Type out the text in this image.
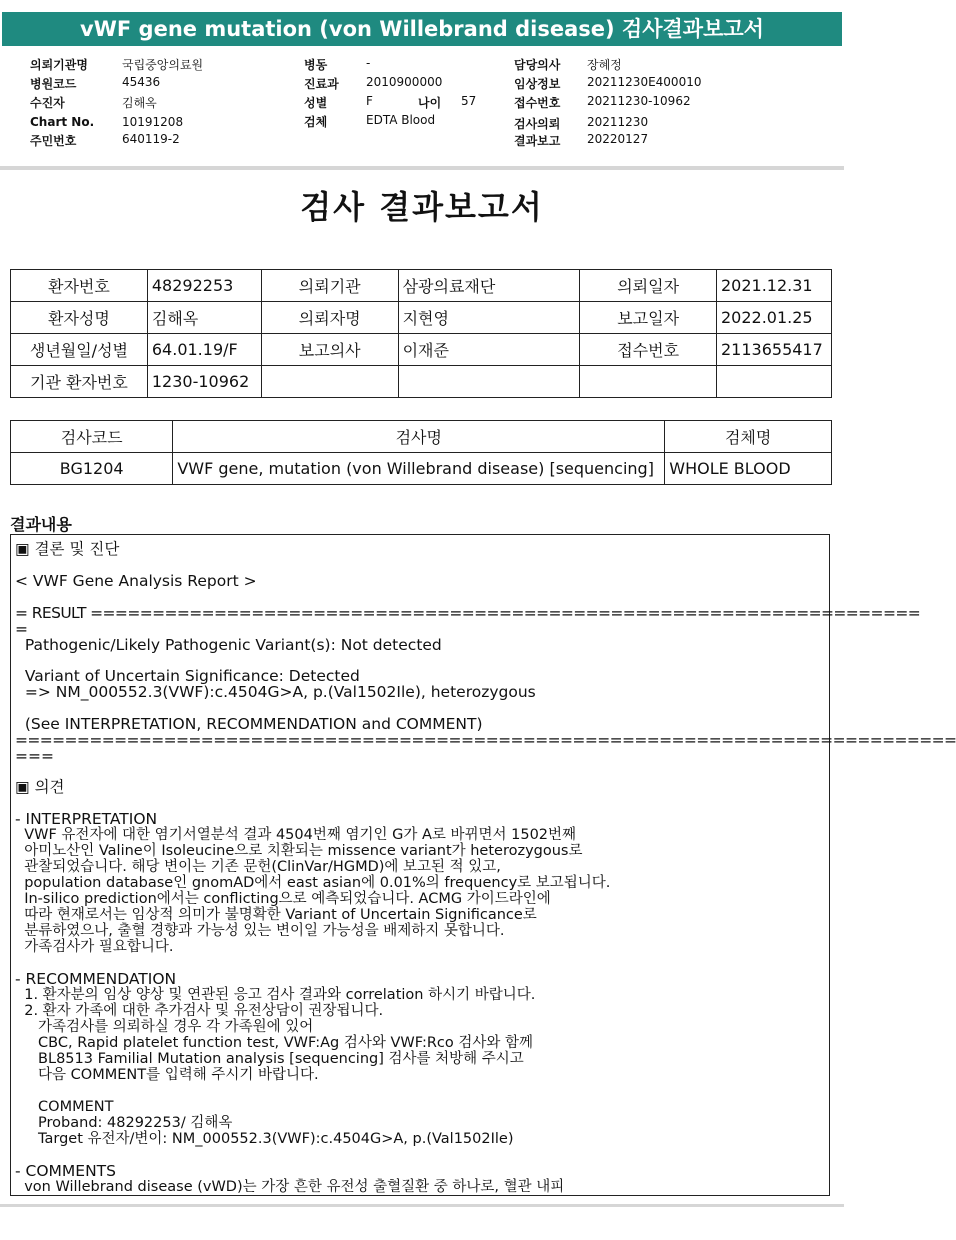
vWF gene mutation (von Willebrand disease) 검사결과보고서
의뢰기관명	국립중앙의료원
병원코드	45436
수진자	김해옥
Chart No. 10191208
주민번호	640119-2
병동	-
진료과 2010900000
성별	F	나이 57
검체	EDTA Blood
담당의사 장혜정
임상정보 20211230E400010
접수번호 20211230-10962
검사의뢰 20211230
결과보고 20220127
검사 결과보고서
환자번호	48292253	의뢰기관	삼광의료재단	의뢰일자	2021.12.31
환자성명	김해옥	의뢰자명	지현영	보고일자	2022.01.25
생년월일/성별	64.01.19/F	보고의사	이재준	접수번호	2113655417
기관 환자번호	1230-10962				
검사코드	검사명	검체명
BG1204	VWF gene, mutation (von Willebrand disease) [sequencing]	WHOLE BLOOD
결과내용
▣ 결론 및 진단
< VWF Gene Analysis Report >
= RESULT ===================================================================
=
Pathogenic/Likely Pathogenic Variant(s): Not detected
Variant of Uncertain Significance: Detected
=> NM_000552.3(VWF):c.4504G>A, p.(Val1502Ile), heterozygous
(See INTERPRETATION, RECOMMENDATION and COMMENT)
============================================================================
===
▣ 의견
- INTERPRETATION
VWF 유전자에 대한 염기서열분석 결과 4504번째 염기인 G가 A로 바뀌면서 1502번째
아미노산인 Valine이 Isoleucine으로 치환되는 missence variant가 heterozygous로
관찰되었습니다. 해당 변이는 기존 문헌(ClinVar/HGMD)에 보고된 적 있고,
population database인 gnomAD에서 east asian에 0.01%의 frequency로 보고됩니다.
In-silico prediction에서는 conflicting으로 예측되었습니다. ACMG 가이드라인에
따라 현재로서는 임상적 의미가 불명확한 Variant of Uncertain Significance로
분류하였으나, 출혈 경향과 가능성 있는 변이일 가능성을 배제하지 못합니다.
가족검사가 필요합니다.
- RECOMMENDATION
1. 환자분의 임상 양상 및 연관된 응고 검사 결과와 correlation 하시기 바랍니다.
2. 환자 가족에 대한 추가검사 및 유전상담이 권장됩니다.
가족검사를 의뢰하실 경우 각 가족원에 있어
CBC, Rapid platelet function test, VWF:Ag 검사와 VWF:Rco 검사와 함께
BL8513 Familial Mutation analysis [sequencing] 검사를 처방해 주시고
다음 COMMENT를 입력해 주시기 바랍니다.
COMMENT
Proband: 48292253/ 김해옥
Target 유전자/변이: NM_000552.3(VWF):c.4504G>A, p.(Val1502Ile)
- COMMENTS
von Willebrand disease (vWD)는 가장 흔한 유전성 출혈질환 중 하나로, 혈관 내피
